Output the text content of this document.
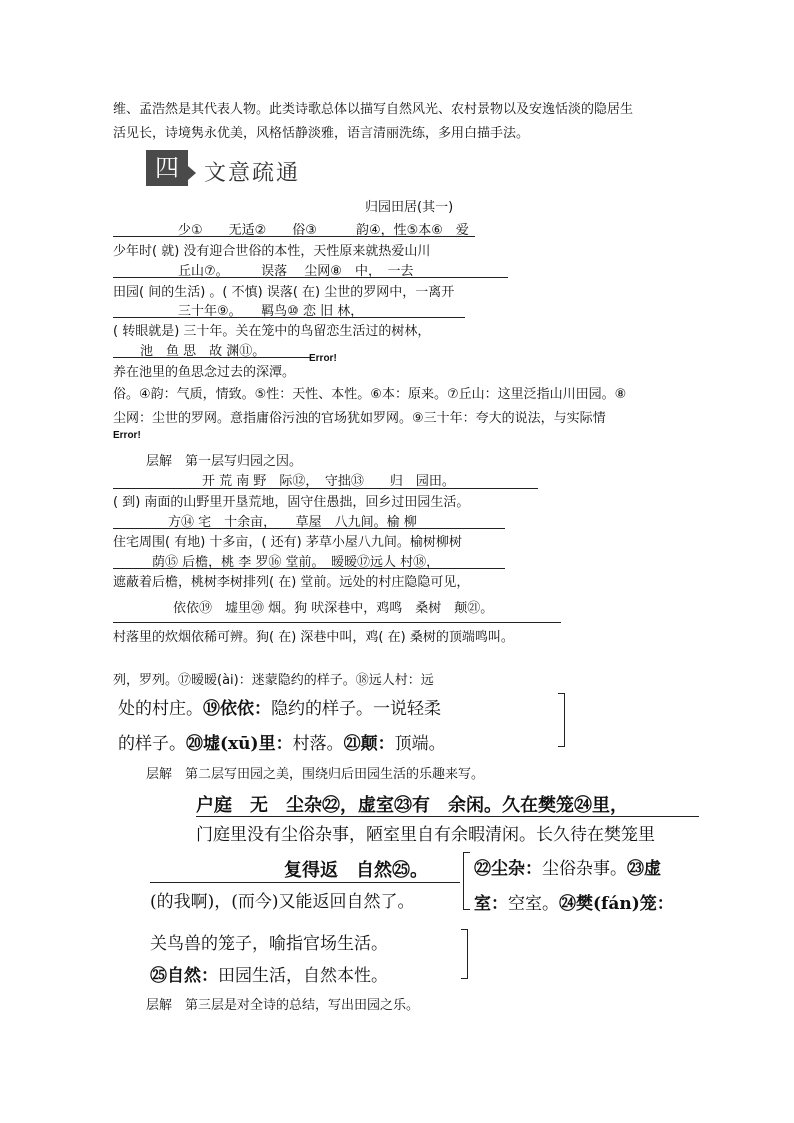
维、孟浩然是其代表人物。此类诗歌总体以描写自然风光、农村景物以及安逸恬淡的隐居生
活见长，诗境隽永优美，风格恬静淡雅，语言清丽洗练，多用白描手法。
四	文意疏通
归园田居(其一)
少①　　无适②　　俗③　　　韵④，性⑤本⑥　爱
少年时( 就) 没有迎合世俗的本性，天性原来就热爱山川
丘山⑦。　　　误落　 尘网⑧　中，　一去
田园( 间的生活) 。( 不慎) 误落( 在) 尘世的罗网中，一离开
三十年⑨。　　羁鸟⑩ 恋 旧 林，
( 转眼就是) 三十年。关在笼中的鸟留恋生活过的树林，
池　鱼 思　故 渊⑪。	Error!
养在池里的鱼思念过去的深潭。
俗。④韵：气质，情致。⑤性：天性、本性。⑥本：原来。⑦丘山：这里泛指山川田园。⑧
尘网：尘世的罗网。意指庸俗污浊的官场犹如罗网。⑨三十年：夸大的说法，与实际情
Error!
层解　第一层写归园之因。
开 荒 南 野　际⑫，　守拙⑬　　归　园田。
( 到) 南面的山野里开垦荒地，固守住愚拙，回乡过田园生活。
方⑭ 宅　十余亩，　　草屋　八九间。榆 柳
住宅周围( 有地) 十多亩，( 还有) 茅草小屋八九间。榆树柳树
荫⑮ 后檐，桃 李 罗⑯ 堂前。　暧暧⑰远人 村⑱，
遮蔽着后檐，桃树李树排列( 在) 堂前。远处的村庄隐隐可见，
依依⑲　墟里⑳ 烟。狗 吠深巷中，鸡鸣　桑树　颠㉑。
村落里的炊烟依稀可辨。狗( 在) 深巷中叫，鸡( 在) 桑树的顶端鸣叫。
列，罗列。⑰暧暧(ài)：迷蒙隐约的样子。⑱远人村：远
处的村庄。⑲依依：隐约的样子。一说轻柔
的样子。⑳墟(xū)里：村落。㉑颠：顶端。
层解　第二层写田园之美，围绕归后田园生活的乐趣来写。
户庭　无　尘杂㉒，虚室㉓有　余闲。久在樊笼㉔里，
门庭里没有尘俗杂事，陋室里自有余暇清闲。长久待在樊笼里
复得返　自然㉕。
(的我啊)，(而今)又能返回自然了。
㉒尘杂：尘俗杂事。㉓虚
室：空室。㉔樊(fán)笼：
关鸟兽的笼子，喻指官场生活。
㉕自然：田园生活，自然本性。
层解　第三层是对全诗的总结，写出田园之乐。
